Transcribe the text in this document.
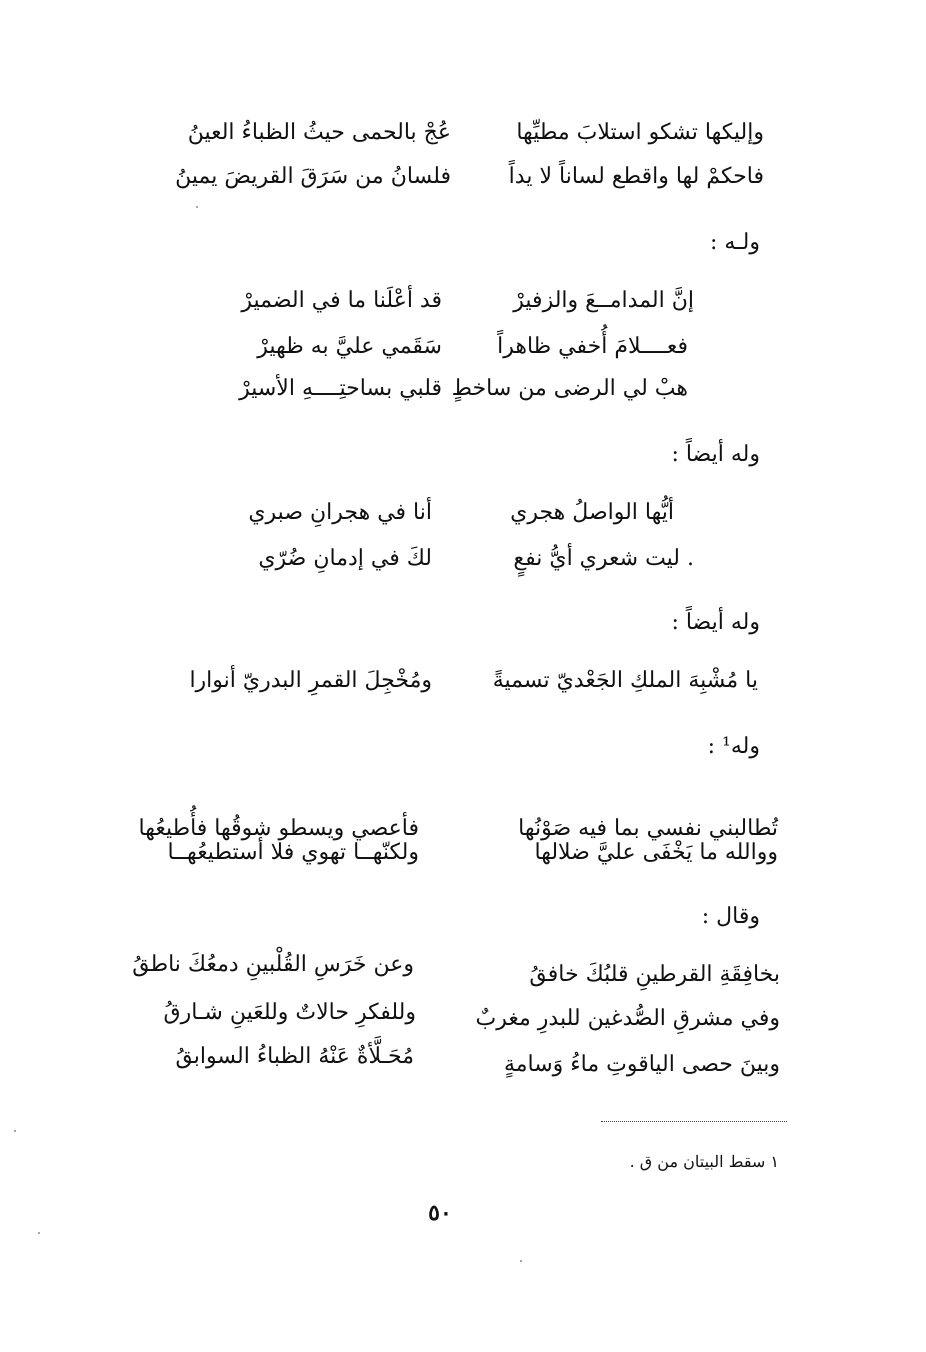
وإليكها تشكو استلابَ مطيِّها
عُجْ بالحمى حيثُ الظباءُ العينُ
فاحكمْ لها واقطع لساناً لا يداً
فلسانُ من سَرَقَ القريضَ يمينُ
ولـه :
إنَّ المدامــعَ والزفيرْ
قد أعْلَنا ما في الضميرْ
فعــــلامَ أُخفي ظاهراً
سَقَمي عليَّ به ظهيرْ
هبْ لي الرضى من ساخطٍ
قلبي بساحتِــــهِ الأسيرْ
وله أيضاً :
أيُّها الواصلُ هجري
أنا في هجرانِ صبري
. ليت شعري أيُّ نفعٍ
لكَ في إدمانِ ضُرّي
وله أيضاً :
يا مُشْبِهَ الملكِ الجَعْديّ تسميةً
ومُخْجِلَ القمرِ البدريّ أنوارا
وله¹ :
تُطالبني نفسي بما فيه صَوْنُها
فأعصي ويسطو شوقُها فأُطيعُها
ووالله ما يَخْفَى عليَّ ضلالها
ولكنّهــا تهوي فلا أستطيعُهــا
وقال :
بخافِقَةِ القرطينِ قلبُكَ خافقُ
وعن خَرَسِ القُلْبينِ دمعُكَ ناطقُ
وفي مشرقِ الصُّدغين للبدرِ مغربٌ
وللفكرِ حالاتٌ وللعَينِ شـارقُ
وبينَ حصى الياقوتِ ماءُ وَسامةٍ
مُحَـلَّأةٌ عَنْهُ الظباءُ السوابقُ
١ سقط البيتان من ق .
٥٠
